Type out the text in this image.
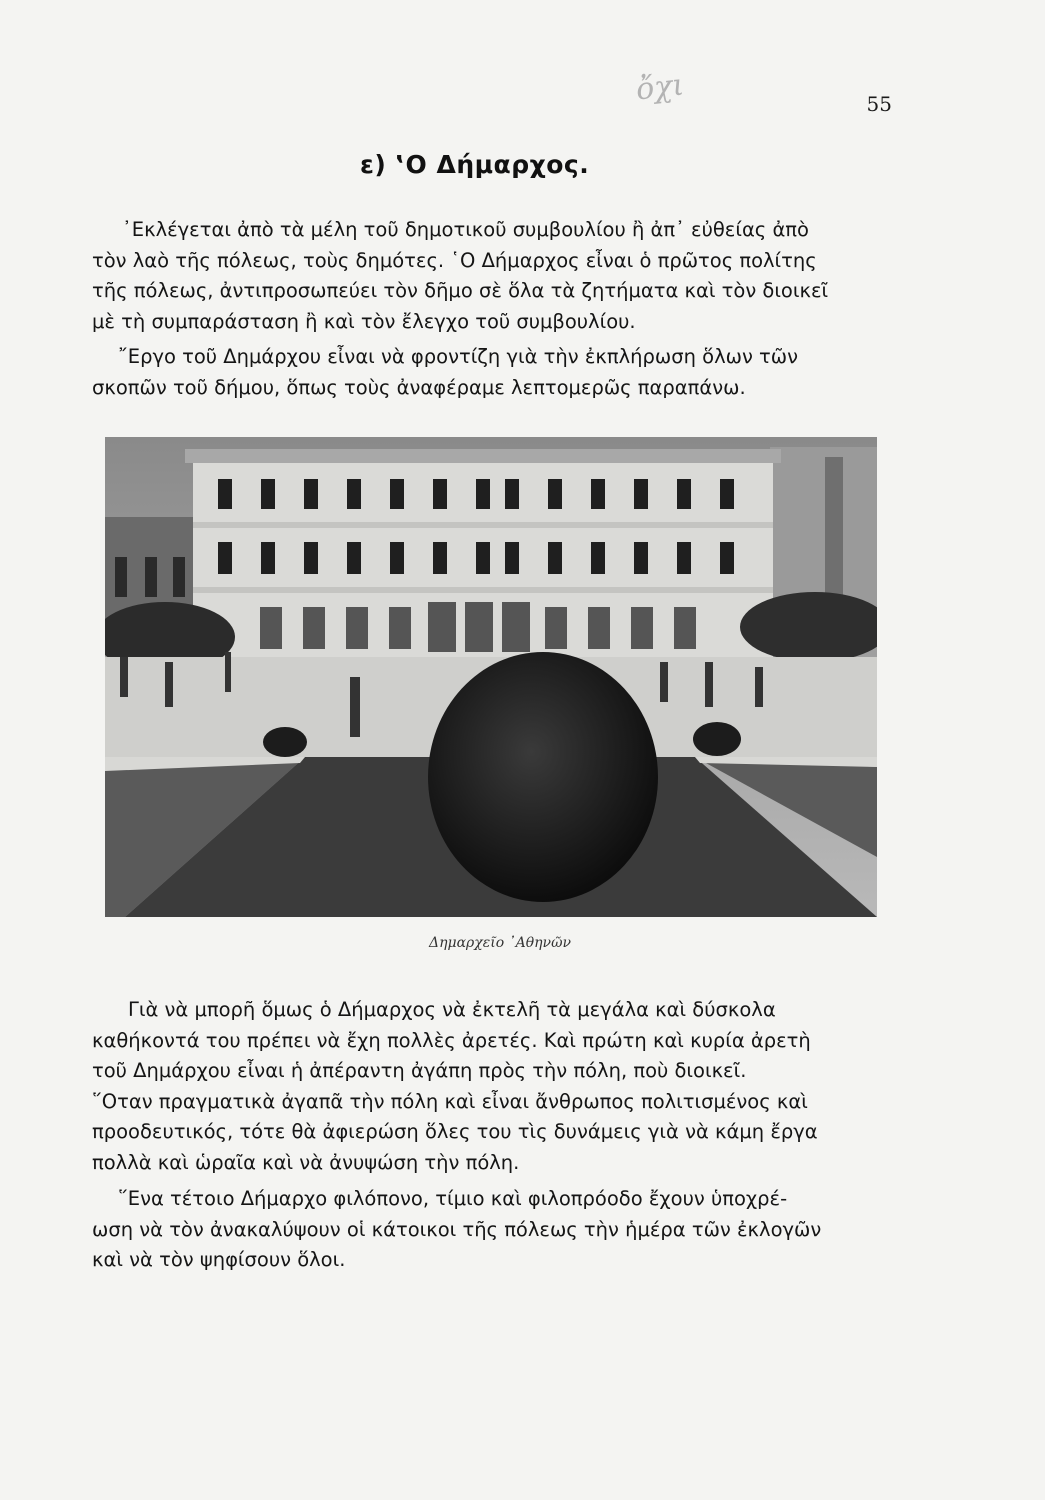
ὄχι	55
ε) ‛Ο Δήμαρχος.
᾿Εκλέγεται ἀπὸ τὰ μέλη τοῦ δημοτικοῦ συμβουλίου ἢ ἀπ᾿ εὐθείας ἀπὸ
τὸν λαὸ τῆς πόλεως, τοὺς δημότες. ῾Ο Δήμαρχος εἶναι ὁ πρῶτος πολίτης
τῆς πόλεως, ἀντιπροσωπεύει τὸν δῆμο σὲ ὅλα τὰ ζητήματα καὶ τὸν διοικεῖ
μὲ τὴ συμπαράσταση ἢ καὶ τὸν ἔλεγχο τοῦ συμβουλίου.
῎Εργο τοῦ Δημάρχου εἶναι νὰ φροντίζη γιὰ τὴν ἐκπλήρωση ὅλων τῶν
σκοπῶν τοῦ δήμου, ὅπως τοὺς ἀναφέραμε λεπτομερῶς παραπάνω.
Δημαρχεῖο ᾿Αθηνῶν
Γιὰ νὰ μπορῆ ὅμως ὁ Δήμαρχος νὰ ἐκτελῆ τὰ μεγάλα καὶ δύσκολα
καθήκοντά του πρέπει νὰ ἔχη πολλὲς ἀρετές. Καὶ πρώτη καὶ κυρία ἀρετὴ
τοῦ Δημάρχου εἶναι ἡ ἀπέραντη ἀγάπη πρὸς τὴν πόλη, ποὺ διοικεῖ.
῞Οταν πραγματικὰ ἀγαπᾶ τὴν πόλη καὶ εἶναι ἄνθρωπος πολιτισμένος καὶ
προοδευτικός, τότε θὰ ἀφιερώση ὅλες του τὶς δυνάμεις γιὰ νὰ κάμη ἔργα
πολλὰ καὶ ὡραῖα καὶ νὰ ἀνυψώση τὴν πόλη.
῞Ενα τέτοιο Δήμαρχο φιλόπονο, τίμιο καὶ φιλοπρόοδο ἔχουν ὑποχρέ-
ωση νὰ τὸν ἀνακαλύψουν οἱ κάτοικοι τῆς πόλεως τὴν ἡμέρα τῶν ἐκλογῶν
καὶ νὰ τὸν ψηφίσουν ὅλοι.
